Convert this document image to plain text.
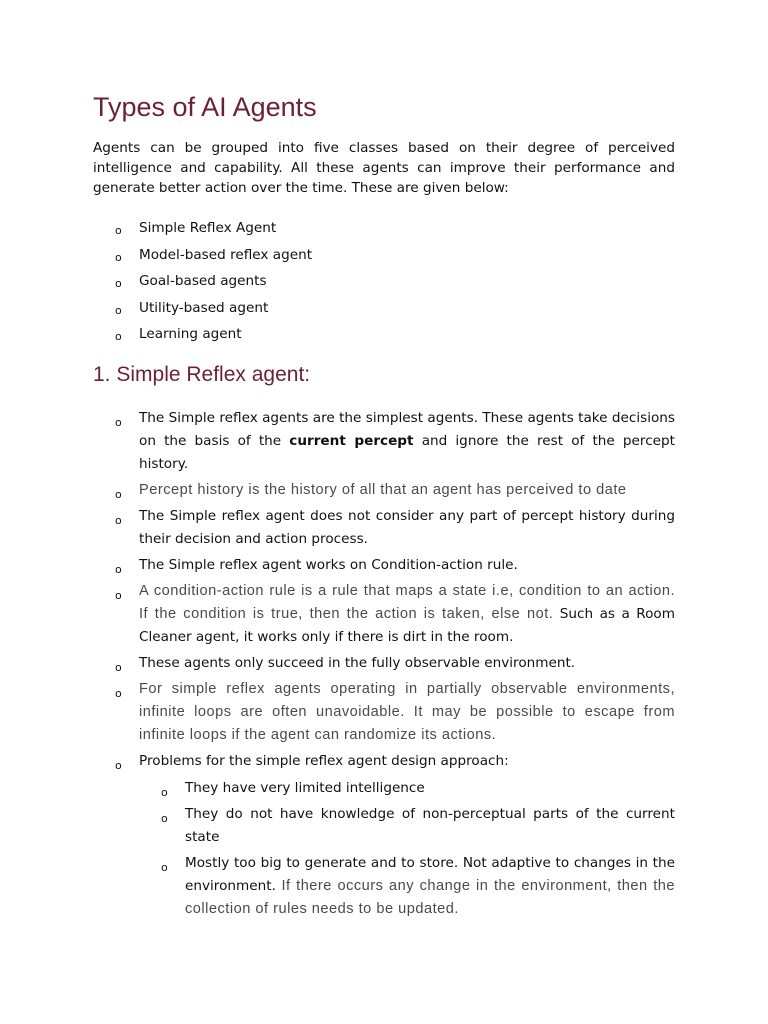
Types of AI Agents

Agents can be grouped into five classes based on their degree of perceived intelligence and capability. All these agents can improve their performance and generate better action over the time. These are given below:

o Simple Reflex Agent
o Model-based reflex agent
o Goal-based agents
o Utility-based agent
o Learning agent
1. Simple Reflex agent:
o The Simple reflex agents are the simplest agents. These agents take decisions on the basis of the current percept and ignore the rest of the percept history.
o Percept history is the history of all that an agent has perceived to date
o The Simple reflex agent does not consider any part of percept history during their decision and action process.
o The Simple reflex agent works on Condition-action rule.
o A condition-action rule is a rule that maps a state i.e, condition to an action. If the condition is true, then the action is taken, else not. Such as a Room Cleaner agent, it works only if there is dirt in the room.
o These agents only succeed in the fully observable environment.
o For simple reflex agents operating in partially observable environments, infinite loops are often unavoidable. It may be possible to escape from infinite loops if the agent can randomize its actions.
o Problems for the simple reflex agent design approach:
o They have very limited intelligence
o They do not have knowledge of non-perceptual parts of the current state
o Mostly too big to generate and to store. Not adaptive to changes in the environment. If there occurs any change in the environment, then the collection of rules needs to be updated.
